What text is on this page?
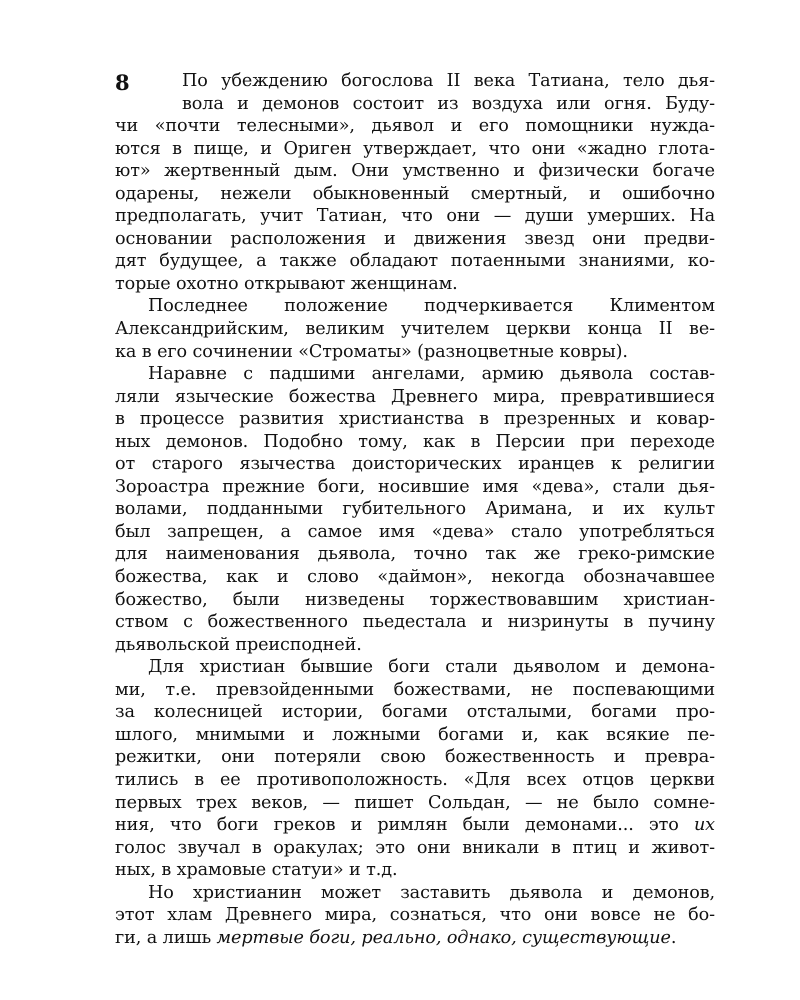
8	По убеждению богослова II века Татиана, тело дья-
вола и демонов состоит из воздуха или огня. Буду-
чи «почти телесными», дьявол и его помощники нужда-
ются в пище, и Ориген утверждает, что они «жадно глота-
ют» жертвенный дым. Они умственно и физически богаче
одарены, нежели обыкновенный смертный, и ошибочно
предполагать, учит Татиан, что они — души умерших. На
основании расположения и движения звезд они предви-
дят будущее, а также обладают потаенными знаниями, ко-
торые охотно открывают женщинам.
Последнее положение подчеркивается Климентом
Александрийским, великим учителем церкви конца II ве-
ка в его сочинении «Строматы» (разноцветные ковры).
Наравне с падшими ангелами, армию дьявола состав-
ляли языческие божества Древнего мира, превратившиеся
в процессе развития христианства в презренных и ковар-
ных демонов. Подобно тому, как в Персии при переходе
от старого язычества доисторических иранцев к религии
Зороастра прежние боги, носившие имя «дева», стали дья-
волами, подданными губительного Аримана, и их культ
был запрещен, а самое имя «дева» стало употребляться
для наименования дьявола, точно так же греко-римские
божества, как и слово «даймон», некогда обозначавшее
божество, были низведены торжествовавшим христиан-
ством с божественного пьедестала и низринуты в пучину
дьявольской преисподней.
Для христиан бывшие боги стали дьяволом и демона-
ми, т.е. превзойденными божествами, не поспевающими
за колесницей истории, богами отсталыми, богами про-
шлого, мнимыми и ложными богами и, как всякие пе-
режитки, они потеряли свою божественность и превра-
тились в ее противоположность. «Для всех отцов церкви
первых трех веков, — пишет Сольдан, — не было сомне-
ния, что боги греков и римлян были демонами... это их
голос звучал в оракулах; это они вникали в птиц и живот-
ных, в храмовые статуи» и т.д.
Но христианин может заставить дьявола и демонов,
этот хлам Древнего мира, сознаться, что они вовсе не бо-
ги, а лишь мертвые боги, реально, однако, существующие.
